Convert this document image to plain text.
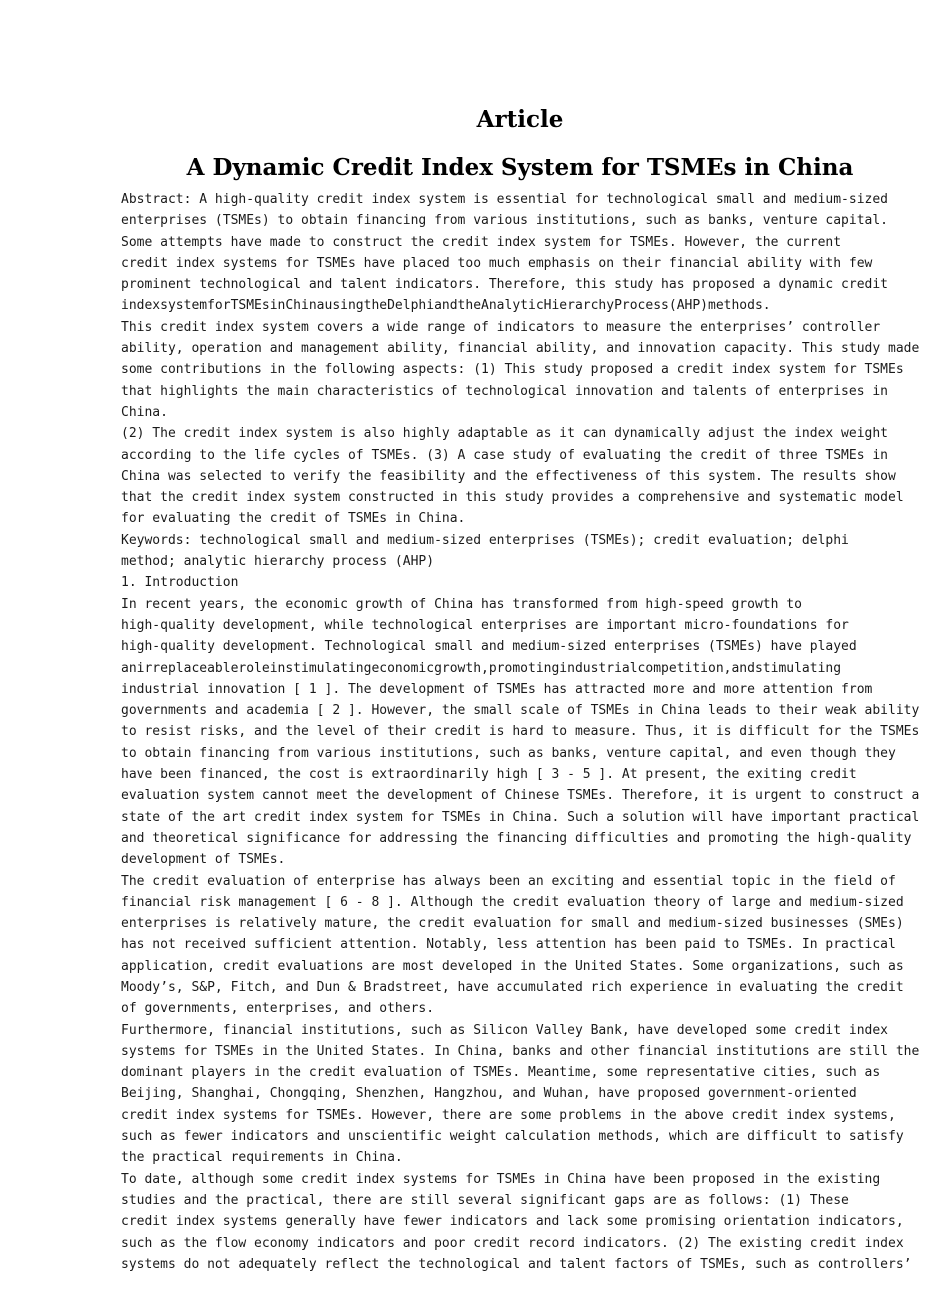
Article
A Dynamic Credit Index System for TSMEs in China
Abstract: A high-quality credit index system is essential for technological small and medium-sized
enterprises (TSMEs) to obtain financing from various institutions, such as banks, venture capital.
Some attempts have made to construct the credit index system for TSMEs. However, the current
credit index systems for TSMEs have placed too much emphasis on their financial ability with few
prominent technological and talent indicators. Therefore, this study has proposed a dynamic credit
indexsystemforTSMEsinChinausingtheDelphiandtheAnalyticHierarchyProcess(AHP)methods.
This credit index system covers a wide range of indicators to measure the enterprises’ controller
ability, operation and management ability, financial ability, and innovation capacity. This study made
some contributions in the following aspects: (1) This study proposed a credit index system for TSMEs
that highlights the main characteristics of technological innovation and talents of enterprises in
China.
(2) The credit index system is also highly adaptable as it can dynamically adjust the index weight
according to the life cycles of TSMEs. (3) A case study of evaluating the credit of three TSMEs in
China was selected to verify the feasibility and the effectiveness of this system. The results show
that the credit index system constructed in this study provides a comprehensive and systematic model
for evaluating the credit of TSMEs in China.
Keywords: technological small and medium-sized enterprises (TSMEs); credit evaluation; delphi
method; analytic hierarchy process (AHP)
1. Introduction
In recent years, the economic growth of China has transformed from high-speed growth to
high-quality development, while technological enterprises are important micro-foundations for
high-quality development. Technological small and medium-sized enterprises (TSMEs) have played
anirreplaceableroleinstimulatingeconomicgrowth,promotingindustrialcompetition,andstimulating
industrial innovation [ 1 ]. The development of TSMEs has attracted more and more attention from
governments and academia [ 2 ]. However, the small scale of TSMEs in China leads to their weak ability
to resist risks, and the level of their credit is hard to measure. Thus, it is difficult for the TSMEs
to obtain financing from various institutions, such as banks, venture capital, and even though they
have been financed, the cost is extraordinarily high [ 3 - 5 ]. At present, the exiting credit
evaluation system cannot meet the development of Chinese TSMEs. Therefore, it is urgent to construct a
state of the art credit index system for TSMEs in China. Such a solution will have important practical
and theoretical significance for addressing the financing difficulties and promoting the high-quality
development of TSMEs.
The credit evaluation of enterprise has always been an exciting and essential topic in the field of
financial risk management [ 6 - 8 ]. Although the credit evaluation theory of large and medium-sized
enterprises is relatively mature, the credit evaluation for small and medium-sized businesses (SMEs)
has not received sufficient attention. Notably, less attention has been paid to TSMEs. In practical
application, credit evaluations are most developed in the United States. Some organizations, such as
Moody’s, S&P, Fitch, and Dun & Bradstreet, have accumulated rich experience in evaluating the credit
of governments, enterprises, and others.
Furthermore, financial institutions, such as Silicon Valley Bank, have developed some credit index
systems for TSMEs in the United States. In China, banks and other financial institutions are still the
dominant players in the credit evaluation of TSMEs. Meantime, some representative cities, such as
Beijing, Shanghai, Chongqing, Shenzhen, Hangzhou, and Wuhan, have proposed government-oriented
credit index systems for TSMEs. However, there are some problems in the above credit index systems,
such as fewer indicators and unscientific weight calculation methods, which are difficult to satisfy
the practical requirements in China.
To date, although some credit index systems for TSMEs in China have been proposed in the existing
studies and the practical, there are still several significant gaps are as follows: (1) These
credit index systems generally have fewer indicators and lack some promising orientation indicators,
such as the flow economy indicators and poor credit record indicators. (2) The existing credit index
systems do not adequately reflect the technological and talent factors of TSMEs, such as controllers’
